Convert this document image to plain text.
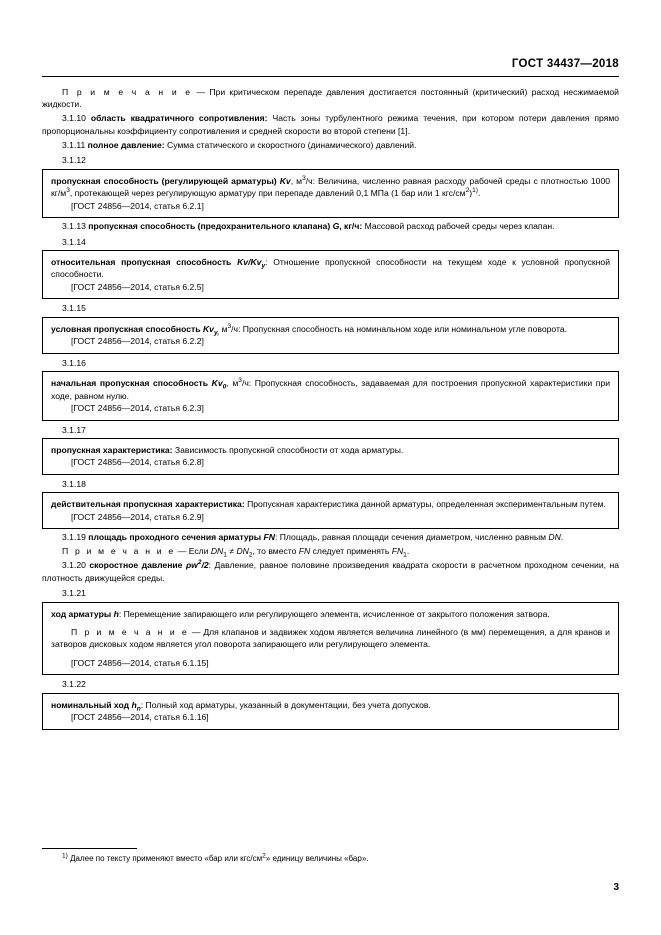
ГОСТ 34437—2018

П р и м е ч а н и е — При критическом перепаде давления достигается постоянный (критический) расход несжимаемой жидкости.

3.1.10 область квадратичного сопротивления: Часть зоны турбулентного режима течения, при котором потери давления прямо пропорциональны коэффициенту сопротивления и средней скорости во второй степени [1].

3.1.11 полное давление: Сумма статического и скоростного (динамического) давлений.

3.1.12

пропускная способность (регулирующей арматуры) Kv, $м^3/ч$: Величина, численно равная расходу рабочей среды с плотностью 1000 $кг/м^3$, протекающей через регулирующую арматуру при перепаде давлений 0,1 МПа (1 бар или 1 кгс/$см^2)^{1)}$.

[ГОСТ 24856—2014, статья 6.2.1]

3.1.13 пропускная способность (предохранительного клапана) G, кг/ч: Массовой расход рабочей среды через клапан.

3.1.14

относительная пропускная способность $Kv/Kv_y$: Отношение пропускной способности на текущем ходе к условной пропускной способности.

[ГОСТ 24856—2014, статья 6.2.5]

3.1.15

условная пропускная способность $Kv_{y,}$ $м^3/ч$: Пропускная способность на номинальном ходе или номинальном угле поворота.

[ГОСТ 24856—2014, статья 6.2.2]

3.1.16

начальная пропускная способность $Kv_0$, $м^3/ч$: Пропускная способность, задаваемая для построения пропускной характеристики при ходе, равном нулю.

[ГОСТ 24856—2014, статья 6.2.3]

3.1.17

пропускная характеристика: Зависимость пропускной способности от хода арматуры.

[ГОСТ 24856—2014, статья 6.2.8]

3.1.18

действительная пропускная характеристика: Пропускная характеристика данной арматуры, определенная экспериментальным путем.

[ГОСТ 24856—2014, статья 6.2.9]

3.1.19 площадь проходного сечения арматуры FN: Площадь, равная площади сечения диаметром, численно равным DN.

П р и м е ч а н и е — Если $DN_1 \ne DN_2$, то вместо FN следует применять $FN_1$.

3.1.20 скоростное давление $\rho w^2/2$: Давление, равное половине произведения квадрата скорости в расчетном проходном сечении, на плотность движущейся среды.

3.1.21

ход арматуры h: Перемещение запирающего или регулирующего элемента, исчисленное от закрытого положения затвора.

П р и м е ч а н и е — Для клапанов и задвижек ходом является величина линейного (в мм) перемещения, а для кранов и затворов дисковых ходом является угол поворота запирающего или регулирующего элемента.

[ГОСТ 24856—2014, статья 6.1.15]

3.1.22

номинальный ход $h_n$: Полный ход арматуры, указанный в документации, без учета допусков.

[ГОСТ 24856—2014, статья 6.1.16]

$^{1)}$ Далее по тексту применяют вместо «бар или кгс/$см^2$» единицу величины «бар».
3
